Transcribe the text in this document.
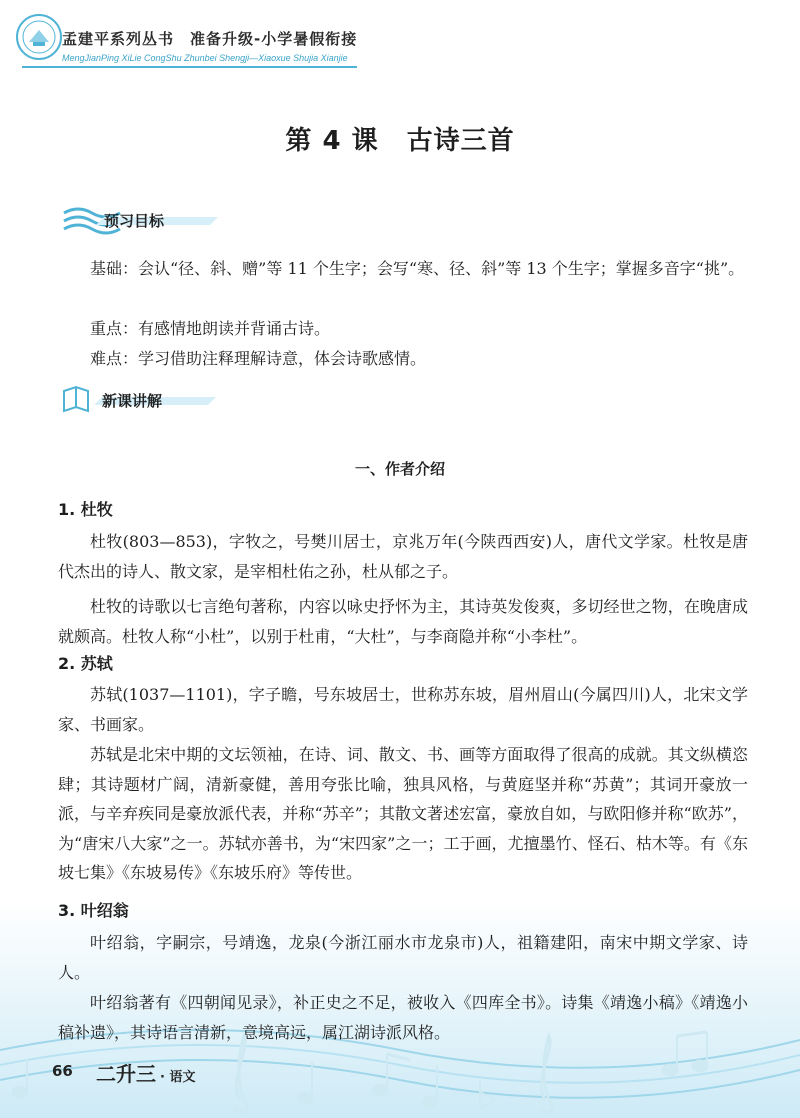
孟建平系列丛书 准备升级-小学暑假衔接
MengJianPing XiLie CongShu Zhunbei Shengji—Xiaoxue Shujia Xianjie
第 4 课 古诗三首
预习目标
基础：会认“径、斜、赠”等 11 个生字；会写“寒、径、斜”等 13 个生字；掌握多音字“挑”。
重点：有感情地朗读并背诵古诗。
难点：学习借助注释理解诗意，体会诗歌感情。
新课讲解
一、作者介绍
1. 杜牧
杜牧(803—853)，字牧之，号樊川居士，京兆万年(今陕西西安)人，唐代文学家。杜牧是唐代杰出的诗人、散文家，是宰相杜佑之孙，杜从郁之子。
杜牧的诗歌以七言绝句著称，内容以咏史抒怀为主，其诗英发俊爽，多切经世之物，在晚唐成就颇高。杜牧人称“小杜”，以别于杜甫，“大杜”，与李商隐并称“小李杜”。
2. 苏轼
苏轼(1037—1101)，字子瞻，号东坡居士，世称苏东坡，眉州眉山(今属四川)人，北宋文学家、书画家。
苏轼是北宋中期的文坛领袖，在诗、词、散文、书、画等方面取得了很高的成就。其文纵横恣肆；其诗题材广阔，清新豪健，善用夸张比喻，独具风格，与黄庭坚并称“苏黄”；其词开豪放一派，与辛弃疾同是豪放派代表，并称“苏辛”；其散文著述宏富，豪放自如，与欧阳修并称“欧苏”，为“唐宋八大家”之一。苏轼亦善书，为“宋四家”之一；工于画，尤擅墨竹、怪石、枯木等。有《东坡七集》《东坡易传》《东坡乐府》等传世。
3. 叶绍翁
叶绍翁，字嗣宗，号靖逸，龙泉(今浙江丽水市龙泉市)人，祖籍建阳，南宋中期文学家、诗人。
叶绍翁著有《四朝闻见录》，补正史之不足，被收入《四库全书》。诗集《靖逸小稿》《靖逸小稿补遗》，其诗语言清新，意境高远，属江湖诗派风格。
66 二升三 · 语文
